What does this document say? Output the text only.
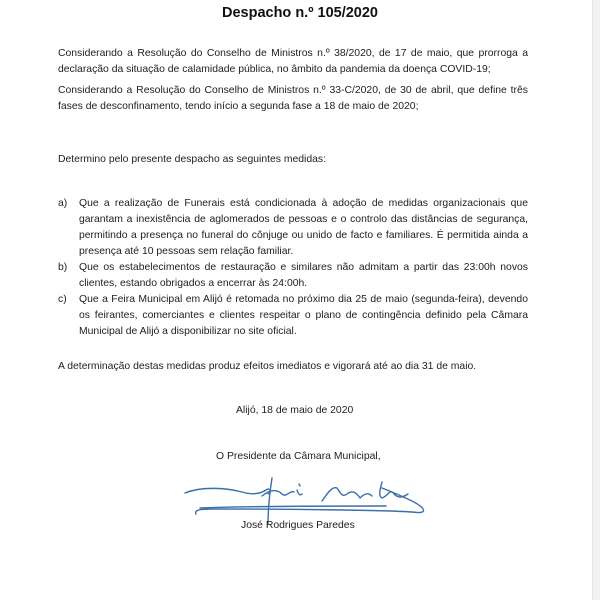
Despacho n.º 105/2020
Considerando a Resolução do Conselho de Ministros n.º 38/2020, de 17 de maio, que prorroga a declaração da situação de calamidade pública, no âmbito da pandemia da doença COVID-19;
Considerando a Resolução do Conselho de Ministros n.º 33-C/2020, de 30 de abril, que define três fases de desconfinamento, tendo início a segunda fase a 18 de maio de 2020;
Determino pelo presente despacho as seguintes medidas:
a) Que a realização de Funerais está condicionada à adoção de medidas organizacionais que garantam a inexistência de aglomerados de pessoas e o controlo das distâncias de segurança, permitindo a presença no funeral do cônjuge ou unido de facto e familiares. É permitida ainda a presença até 10 pessoas sem relação familiar.
b) Que os estabelecimentos de restauração e similares não admitam a partir das 23:00h novos clientes, estando obrigados a encerrar às 24:00h.
c) Que a Feira Municipal em Alijó é retomada no próximo dia 25 de maio (segunda-feira), devendo os feirantes, comerciantes e clientes respeitar o plano de contingência definido pela Câmara Municipal de Alijó a disponibilizar no site oficial.
A determinação destas medidas produz efeitos imediatos e vigorará até ao dia 31 de maio.
Alijó, 18 de maio de 2020
O Presidente da Câmara Municipal,
José Rodrigues Paredes
